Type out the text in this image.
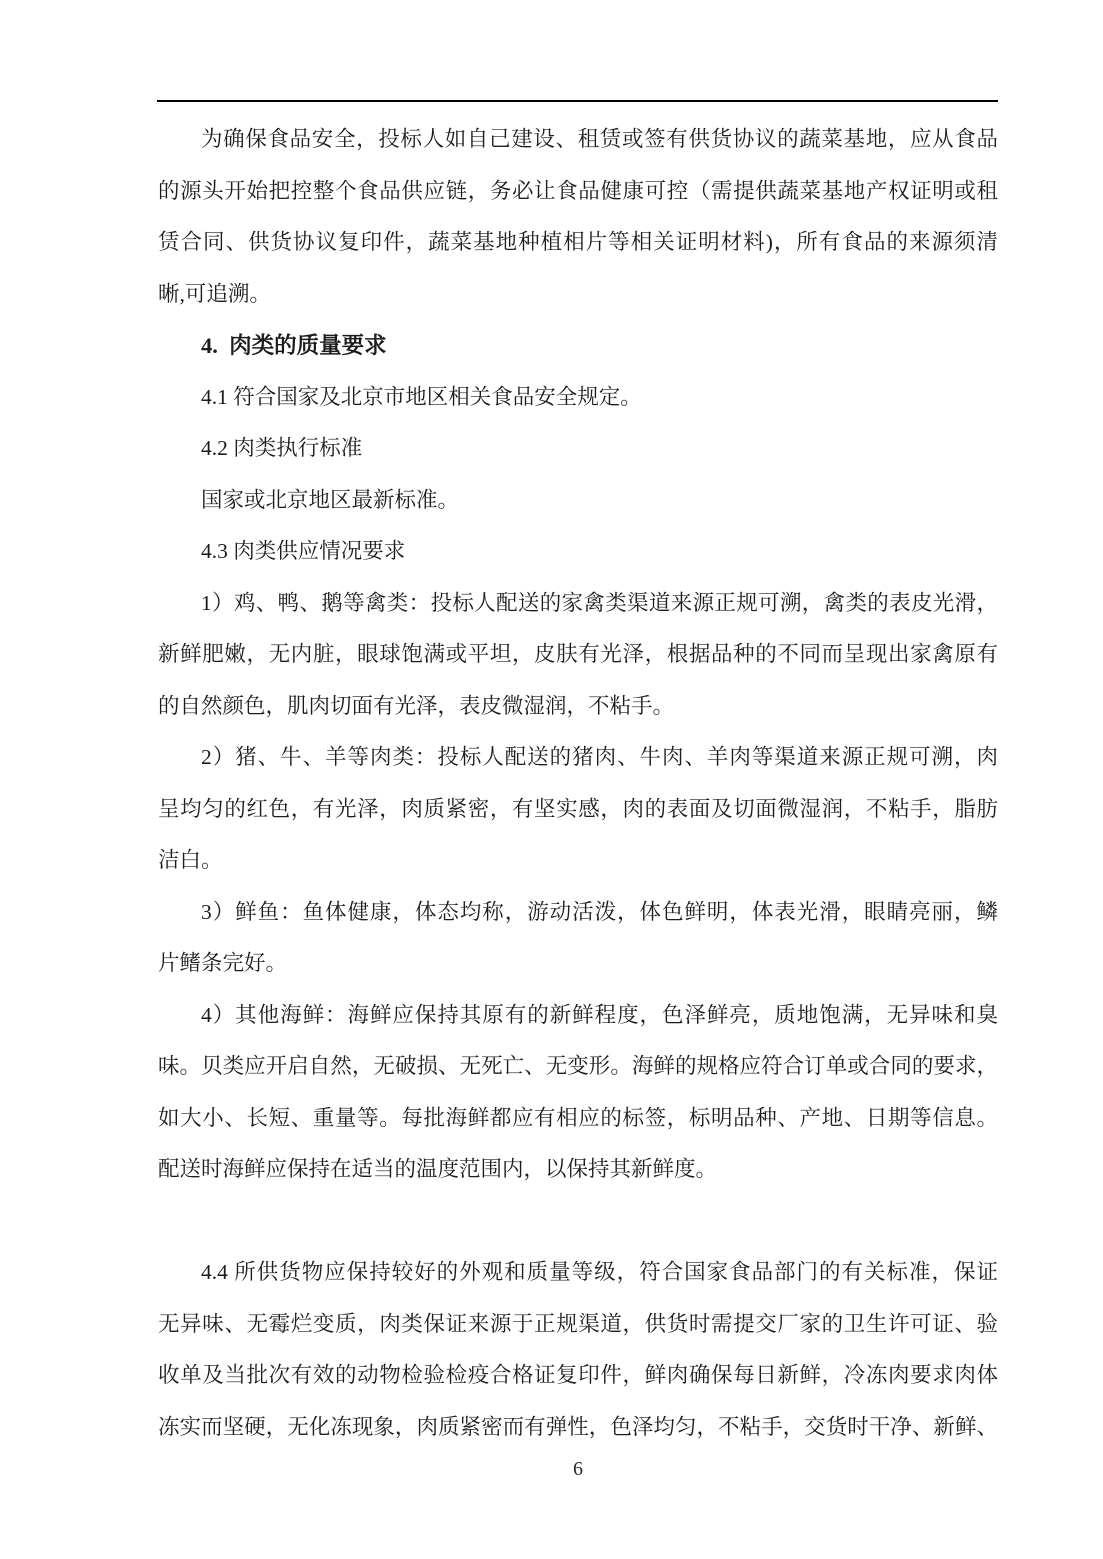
为确保食品安全，投标人如自己建设、租赁或签有供货协议的蔬菜基地，应从食品
的源头开始把控整个食品供应链，务必让食品健康可控（需提供蔬菜基地产权证明或租
赁合同、供货协议复印件，蔬菜基地种植相片等相关证明材料)，所有食品的来源须清
晰,可追溯。
4.  肉类的质量要求
4.1 符合国家及北京市地区相关食品安全规定。
4.2 肉类执行标准
国家或北京地区最新标准。
4.3 肉类供应情况要求
1）鸡、鸭、鹅等禽类：投标人配送的家禽类渠道来源正规可溯，禽类的表皮光滑，
新鲜肥嫩，无内脏，眼球饱满或平坦，皮肤有光泽，根据品种的不同而呈现出家禽原有
的自然颜色，肌肉切面有光泽，表皮微湿润，不粘手。
2）猪、牛、羊等肉类：投标人配送的猪肉、牛肉、羊肉等渠道来源正规可溯，肉
呈均匀的红色，有光泽，肉质紧密，有坚实感，肉的表面及切面微湿润，不粘手，脂肪
洁白。
3）鲜鱼：鱼体健康，体态均称，游动活泼，体色鲜明，体表光滑，眼睛亮丽，鳞
片鳍条完好。
4）其他海鲜：海鲜应保持其原有的新鲜程度，色泽鲜亮，质地饱满，无异味和臭
味。贝类应开启自然，无破损、无死亡、无变形。海鲜的规格应符合订单或合同的要求，
如大小、长短、重量等。每批海鲜都应有相应的标签，标明品种、产地、日期等信息。
配送时海鲜应保持在适当的温度范围内，以保持其新鲜度。

4.4 所供货物应保持较好的外观和质量等级，符合国家食品部门的有关标准，保证
无异味、无霉烂变质，肉类保证来源于正规渠道，供货时需提交厂家的卫生许可证、验
收单及当批次有效的动物检验检疫合格证复印件，鲜肉确保每日新鲜，冷冻肉要求肉体
冻实而坚硬，无化冻现象，肉质紧密而有弹性，色泽均匀，不粘手，交货时干净、新鲜、
6
